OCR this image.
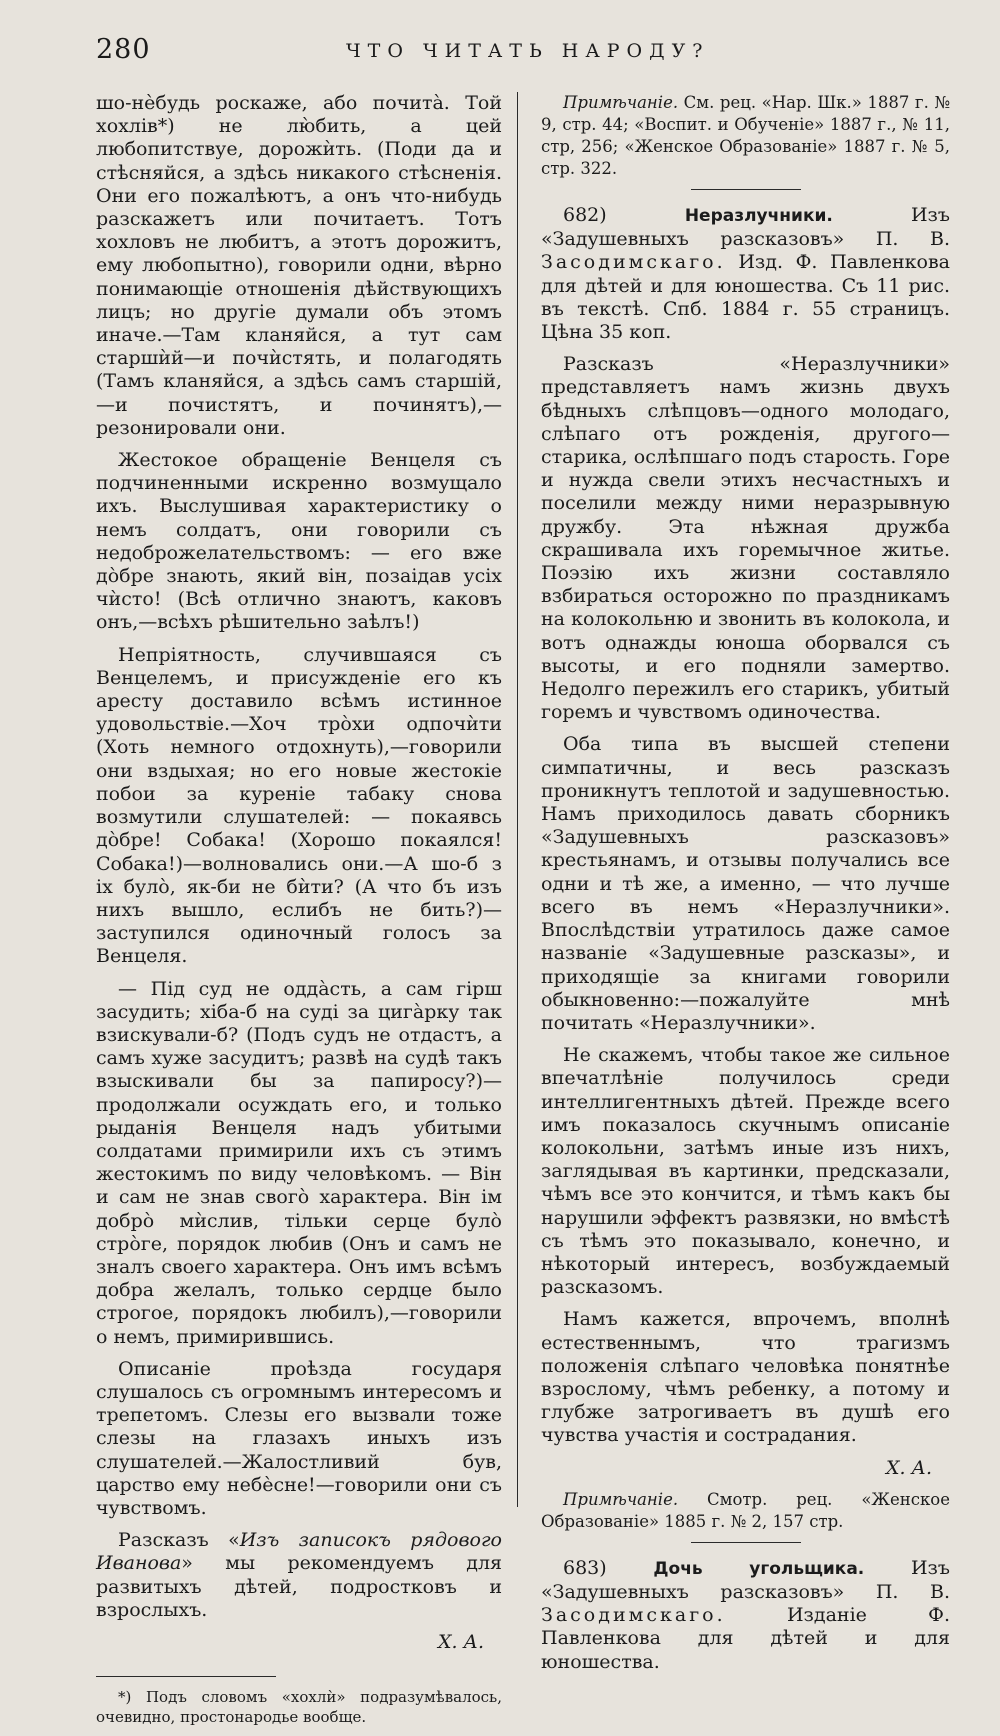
280	ЧТО ЧИТАТЬ НАРОДУ?

шо-нѐбудь роскаже, або почитà. Той хохлів*) не лю̀бить, а цей любопитствуе, дорожѝть. (Поди да и стѣсняйся, а здѣсь никакого стѣсненія. Они его пожалѣютъ, а онъ что-нибудь разскажетъ или почитаетъ. Тотъ хохловъ не любитъ, а этотъ дорожитъ, ему любопытно), говорили одни, вѣрно понимающіе отношенія дѣйствующихъ лицъ; но другіе думали объ этомъ иначе.—Там кланяйся, а тут сам старшѝй—и почѝстять, и полагодять (Тамъ кланяйся, а здѣсь самъ старшій,—и почистятъ, и починятъ),—резонировали они.

Жестокое обращеніе Венцеля съ подчиненными искренно возмущало ихъ. Выслушивая характеристику о немъ солдатъ, они говорили съ недоброжелательствомъ: — его вже дòбре знають, який він, позаідав усіх чѝсто! (Всѣ отлично знаютъ, каковъ онъ,—всѣхъ рѣшительно заѣлъ!)

Непріятность, случившаяся съ Венцелемъ, и присужденіе его къ аресту доставило всѣмъ истинное удовольствіе.—Хоч трòхи одпочѝти (Хоть немного отдохнуть),—говорили они вздыхая; но его новые жестокіе побои за куреніе табаку снова возмутили слушателей: — покаявсь дòбре! Собака! (Хорошо покаялся! Собака!)—волновались они.—А шо-б з іх булò, як-би не бѝти? (А что бъ изъ нихъ вышло, еслибъ не бить?)—заступился одиночный голосъ за Венцеля.

— Під суд не оддàсть, а сам гірш засудить; хіба-б на суді за цигàрку так взискували-б? (Подъ судъ не отдастъ, а самъ хуже засудитъ; развѣ на судѣ такъ взыскивали бы за папиросу?)—продолжали осуждать его, и только рыданія Венцеля надъ убитыми солдатами примирили ихъ съ этимъ жестокимъ по виду человѣкомъ. — Він и сам не знав свогò характера. Він ім добрò мѝслив, тільки серце булò стрòге, порядок любив (Онъ и самъ не зналъ своего характера. Онъ имъ всѣмъ добра желалъ, только сердце было строгое, порядокъ любилъ),—говорили о немъ, примирившись.

Описаніе проѣзда государя слушалось съ огромнымъ интересомъ и трепетомъ. Слезы его вызвали тоже слезы на глазахъ иныхъ изъ слушателей.—Жалостливий був, царство ему небѐсне!—говорили они съ чувствомъ.

Разсказъ «Изъ записокъ рядового Иванова» мы рекомендуемъ для развитыхъ дѣтей, подростковъ и взрослыхъ.

Х. А.

*) Подъ словомъ «хохлѝ» подразумѣвалось, очевидно, простонародье вообще.

Примѣчаніе. См. рец. «Нар. Шк.» 1887 г. № 9, стр. 44; «Воспит. и Обученіе» 1887 г., № 11, стр, 256; «Женское Образованіе» 1887 г. № 5, стр. 322.

682) Неразлучники. Изъ «Задушевныхъ разсказовъ» П. В. Засодимскаго. Изд. Ф. Павленкова для дѣтей и для юношества. Съ 11 рис. въ текстѣ. Спб. 1884 г. 55 страницъ. Цѣна 35 коп.

Разсказъ «Неразлучники» представляетъ намъ жизнь двухъ бѣдныхъ слѣпцовъ—одного молодаго, слѣпаго отъ рожденія, другого—старика, ослѣпшаго подъ старость. Горе и нужда свели этихъ несчастныхъ и поселили между ними неразрывную дружбу. Эта нѣжная дружба скрашивала ихъ горемычное житье. Поэзію ихъ жизни составляло взбираться осторожно по праздникамъ на колокольню и звонить въ колокола, и вотъ однажды юноша оборвался съ высоты, и его подняли замертво. Недолго пережилъ его старикъ, убитый горемъ и чувствомъ одиночества.

Оба типа въ высшей степени симпатичны, и весь разсказъ проникнутъ теплотой и задушевностью. Намъ приходилось давать сборникъ «Задушевныхъ разсказовъ» крестьянамъ, и отзывы получались все одни и тѣ же, а именно, — что лучше всего въ немъ «Неразлучники». Впослѣдствіи утратилось даже самое названіе «Задушевные разсказы», и приходящіе за книгами говорили обыкновенно:—пожалуйте мнѣ почитать «Неразлучники».

Не скажемъ, чтобы такое же сильное впечатлѣніе получилось среди интеллигентныхъ дѣтей. Прежде всего имъ показалось скучнымъ описаніе колокольни, затѣмъ иные изъ нихъ, заглядывая въ картинки, предсказали, чѣмъ все это кончится, и тѣмъ какъ бы нарушили эффектъ развязки, но вмѣстѣ съ тѣмъ это показывало, конечно, и нѣкоторый интересъ, возбуждаемый разсказомъ.

Намъ кажется, впрочемъ, вполнѣ естественнымъ, что трагизмъ положенія слѣпаго человѣка понятнѣе взрослому, чѣмъ ребенку, а потому и глубже затрогиваетъ въ душѣ его чувства участія и сострадания.

Х. А.

Примѣчаніе. Смотр. рец. «Женское Образованіе» 1885 г. № 2, 157 стр.

683) Дочь угольщика. Изъ «Задушевныхъ разсказовъ» П. В. Засодимскаго. Изданіе Ф. Павленкова для дѣтей и для юношества.
